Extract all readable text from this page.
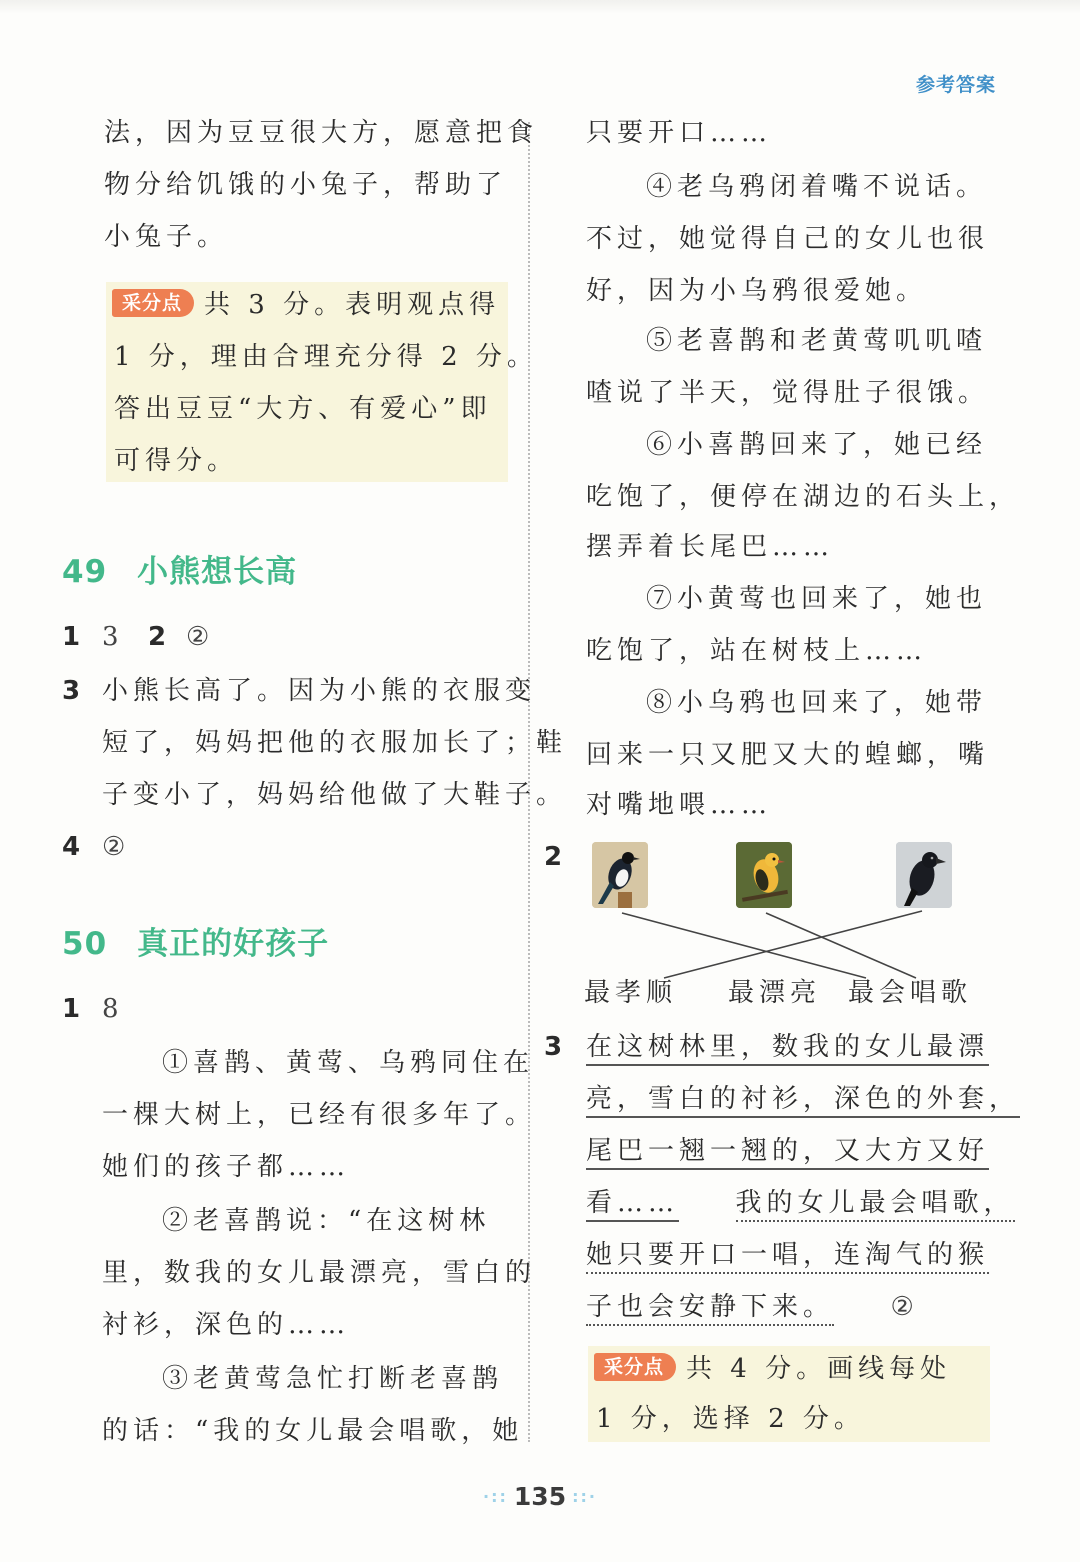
参考答案
法，因为豆豆很大方，愿意把食
物分给饥饿的小兔子，帮助了
小兔子。
采分点 共 3 分。表明观点得
1 分，理由合理充分得 2 分。
答出豆豆“大方、有爱心”即
可得分。
49 小熊想长高
1 3 2 ②
3 小熊长高了。因为小熊的衣服变
短了，妈妈把他的衣服加长了；鞋
子变小了，妈妈给他做了大鞋子。
4 ②
50 真正的好孩子
1 8
①喜鹊、黄莺、乌鸦同住在
一棵大树上，已经有很多年了。
她们的孩子都……
②老喜鹊说：“在这树林
里，数我的女儿最漂亮，雪白的
衬衫，深色的……
③老黄莺急忙打断老喜鹊
的话：“我的女儿最会唱歌，她
只要开口……
④老乌鸦闭着嘴不说话。
不过，她觉得自己的女儿也很
好，因为小乌鸦很爱她。
⑤老喜鹊和老黄莺叽叽喳
喳说了半天，觉得肚子很饿。
⑥小喜鹊回来了，她已经
吃饱了，便停在湖边的石头上，
摆弄着长尾巴……
⑦小黄莺也回来了，她也
吃饱了，站在树枝上……
⑧小乌鸦也回来了，她带
回来一只又肥又大的蝗螂，嘴
对嘴地喂……
2
最孝顺 最漂亮 最会唱歌
3 在这树林里，数我的女儿最漂
亮，雪白的衬衫，深色的外套，
尾巴一翘一翘的，又大方又好
看…… 我的女儿最会唱歌，
她只要开口一唱，连淘气的猴
子也会安静下来。 ②
采分点 共 4 分。画线每处
1 分，选择 2 分。
·:: 135 ::·
